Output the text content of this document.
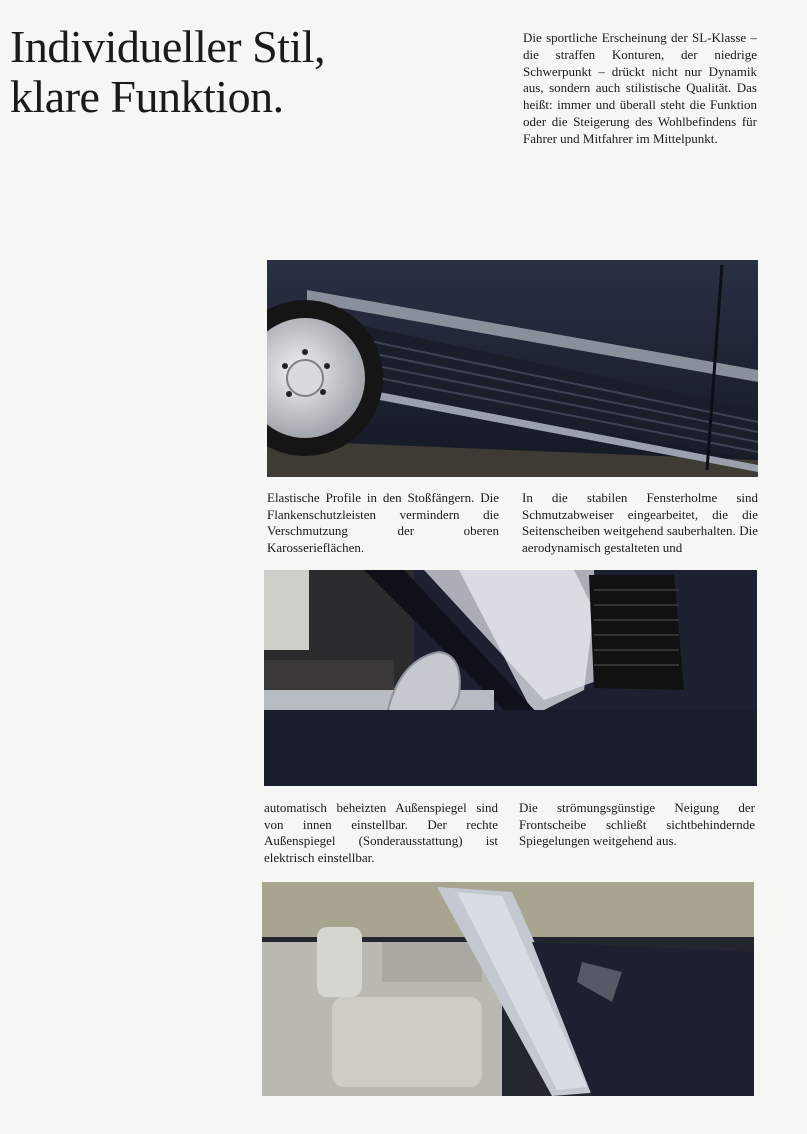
Individueller Stil,
klare Funktion.

Die sportliche Erscheinung der SL-Klasse – die straffen Konturen, der niedrige Schwerpunkt – drückt nicht nur Dynamik aus, sondern auch stilistische Qualität. Das heißt: immer und überall steht die Funktion oder die Steigerung des Wohlbefindens für Fahrer und Mitfahrer im Mittelpunkt.

Elastische Profile in den Stoßfängern. Die Flankenschutzleisten vermindern die Verschmutzung der oberen Karosserieflächen.

In die stabilen Fensterholme sind Schmutzabweiser eingearbeitet, die die Seitenscheiben weitgehend sauberhalten. Die aerodynamisch gestalteten und

automatisch beheizten Außenspiegel sind von innen einstellbar. Der rechte Außenspiegel (Sonderausstattung) ist elektrisch einstellbar.

Die strömungsgünstige Neigung der Frontscheibe schließt sichtbehindernde Spiegelungen weitgehend aus.
